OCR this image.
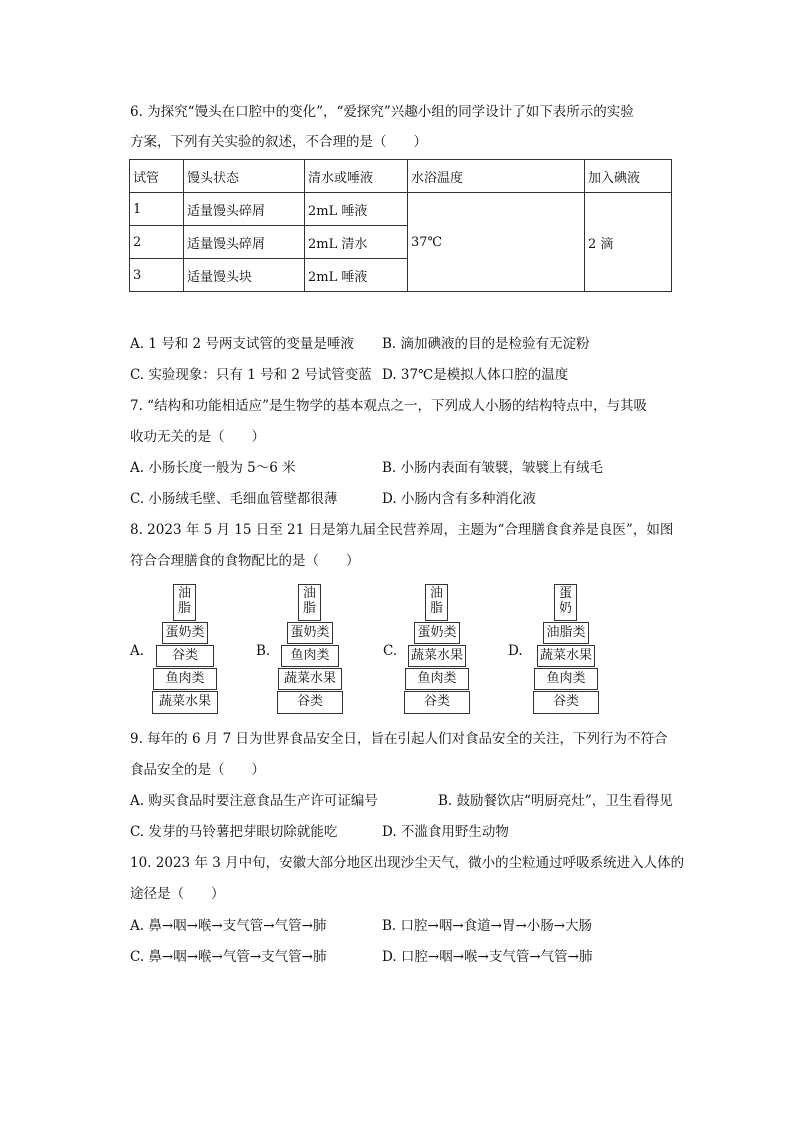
6. 为探究“馒头在口腔中的变化”，“爱探究”兴趣小组的同学设计了如下表所示的实验
方案，下列有关实验的叙述，不合理的是（　　）
试管	馒头状态	清水或唾液	水浴温度	加入碘液
1	适量馒头碎屑	2mL 唾液	37℃	2 滴
2	适量馒头碎屑	2mL 清水		
3	适量馒头块	2mL 唾液		
A. 1 号和 2 号两支试管的变量是唾液 B. 滴加碘液的目的是检验有无淀粉
C. 实验现象：只有 1 号和 2 号试管变蓝 D. 37℃是模拟人体口腔的温度
7. “结构和功能相适应”是生物学的基本观点之一，下列成人小肠的结构特点中，与其吸
收功无关的是（　　）
A. 小肠长度一般为 5～6 米	B. 小肠内表面有皱襞，皱襞上有绒毛
C. 小肠绒毛壁、毛细血管壁都很薄	D. 小肠内含有多种消化液
8. 2023 年 5 月 15 日至 21 日是第九届全民营养周，主题为“合理膳食食养是良医”，如图
符合合理膳食的食物配比的是（　　）
A.
油
脂
蛋奶类
谷类
鱼肉类
蔬菜水果
B.
油
脂
蛋奶类
鱼肉类
蔬菜水果
谷类
C.
油
脂
蛋奶类
蔬菜水果
鱼肉类
谷类
D.
蛋
奶
油脂类
蔬菜水果
鱼肉类
谷类
9. 每年的 6 月 7 日为世界食品安全日，旨在引起人们对食品安全的关注，下列行为不符合
食品安全的是（　　）
A. 购买食品时要注意食品生产许可证编号	B. 鼓励餐饮店“明厨亮灶”，卫生看得见
C. 发芽的马铃薯把芽眼切除就能吃	D. 不滥食用野生动物
10. 2023 年 3 月中旬，安徽大部分地区出现沙尘天气，微小的尘粒通过呼吸系统进入人体的
途径是（　　）
A. 鼻→咽→喉→支气管→气管→肺	B. 口腔→咽→食道→胃→小肠→大肠
C. 鼻→咽→喉→气管→支气管→肺	D. 口腔→咽→喉→支气管→气管→肺
